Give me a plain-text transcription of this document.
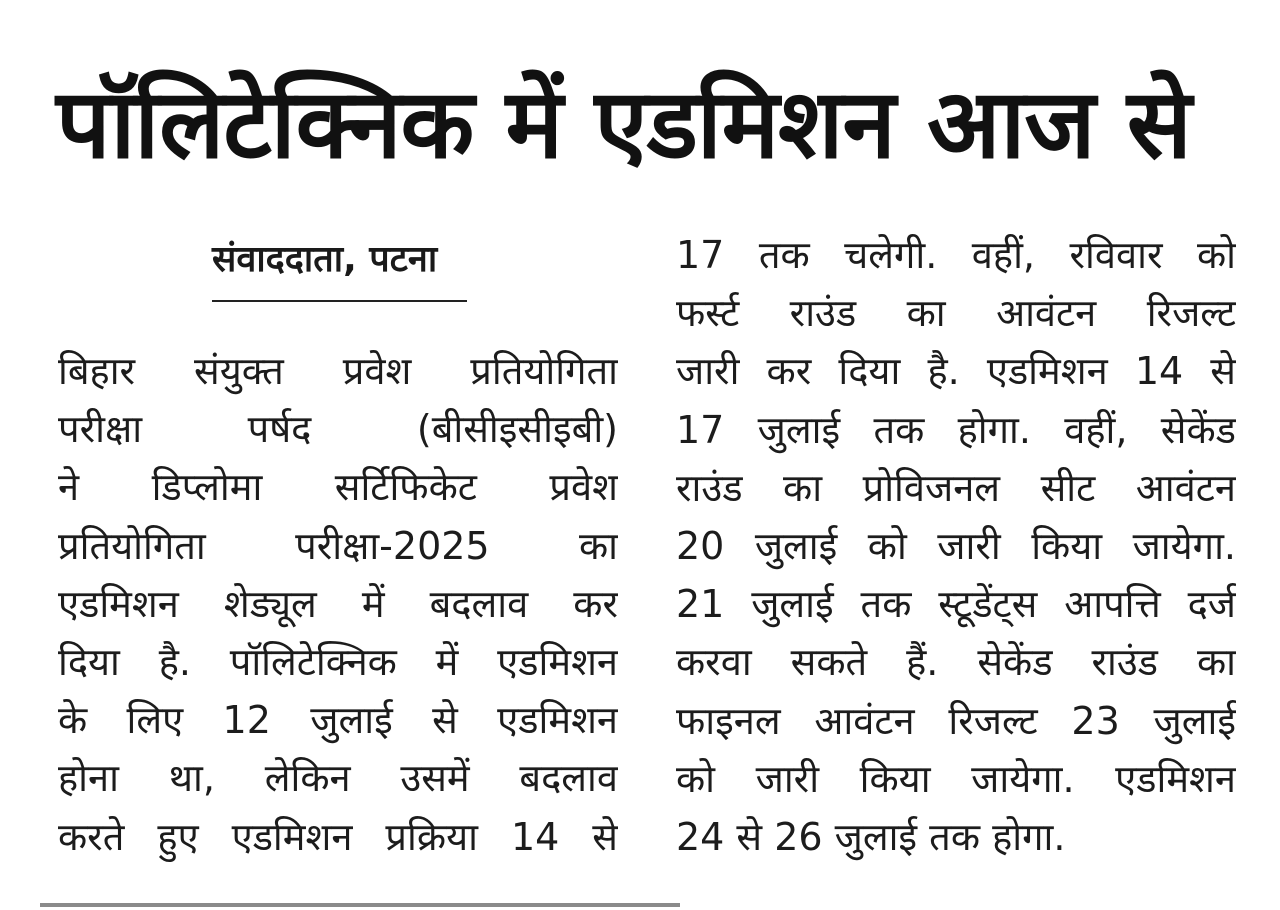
पॉलिटेक्निक में एडमिशन आज से
संवाददाता, पटना
बिहार संयुक्त प्रवेश प्रतियोगिता
परीक्षा पर्षद (बीसीइसीइबी)
ने डिप्लोमा सर्टिफिकेट प्रवेश
प्रतियोगिता परीक्षा-2025 का
एडमिशन शेड्यूल में बदलाव कर
दिया है. पॉलिटेक्निक में एडमिशन
के लिए 12 जुलाई से एडमिशन
होना था, लेकिन उसमें बदलाव
करते हुए एडमिशन प्रक्रिया 14 से
17 तक चलेगी. वहीं, रविवार को
फर्स्ट राउंड का आवंटन रिजल्ट
जारी कर दिया है. एडमिशन 14 से
17 जुलाई तक होगा. वहीं, सेकेंड
राउंड का प्रोविजनल सीट आवंटन
20 जुलाई को जारी किया जायेगा.
21 जुलाई तक स्टूडेंट्स आपत्ति दर्ज
करवा सकते हैं. सेकेंड राउंड का
फाइनल आवंटन रिजल्ट 23 जुलाई
को जारी किया जायेगा. एडमिशन
24 से 26 जुलाई तक होगा.
